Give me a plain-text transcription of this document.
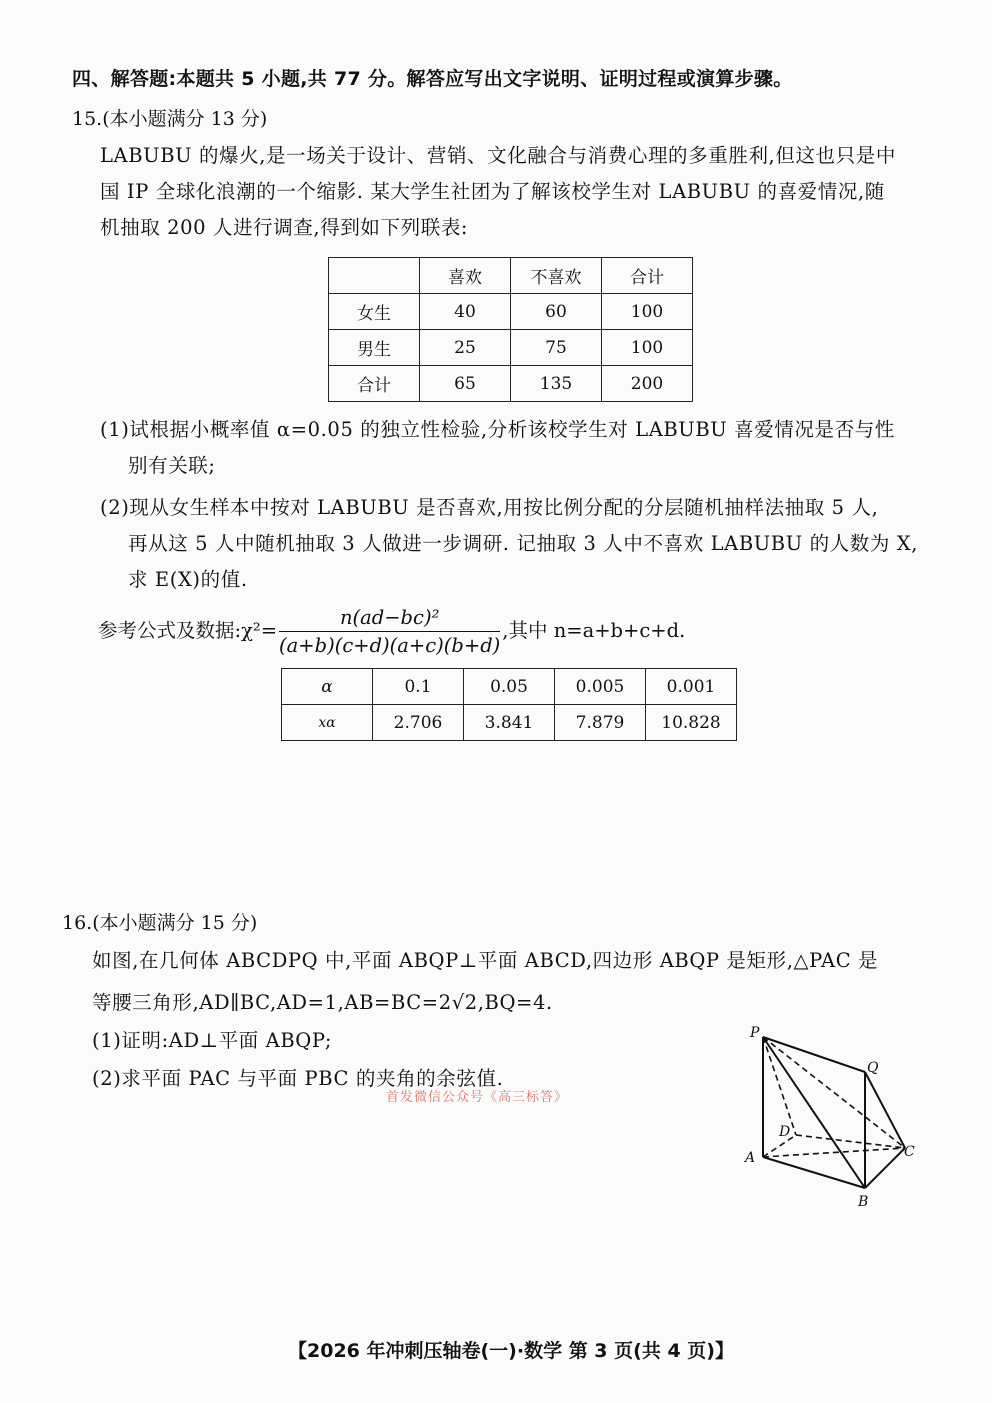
四、解答题:本题共 5 小题,共 77 分。解答应写出文字说明、证明过程或演算步骤。
15.(本小题满分 13 分)
LABUBU 的爆火,是一场关于设计、营销、文化融合与消费心理的多重胜利,但这也只是中
国 IP 全球化浪潮的一个缩影. 某大学生社团为了解该校学生对 LABUBU 的喜爱情况,随
机抽取 200 人进行调查,得到如下列联表:
	喜欢	不喜欢	合计
女生	40	60	100
男生	25	75	100
合计	65	135	200
(1)试根据小概率值 α=0.05 的独立性检验,分析该校学生对 LABUBU 喜爱情况是否与性
别有关联;
(2)现从女生样本中按对 LABUBU 是否喜欢,用按比例分配的分层随机抽样法抽取 5 人,
再从这 5 人中随机抽取 3 人做进一步调研. 记抽取 3 人中不喜欢 LABUBU 的人数为 X,
求 E(X)的值.
参考公式及数据:χ²= $\frac{\text{n(ad−bc)²}}{(a+b)(c+d)(a+c)(b+d)}$ ,其中 n=a+b+c+d.
α	0.1	0.05	0.005	0.001
xα	2.706	3.841	7.879	10.828
16.(本小题满分 15 分)
如图,在几何体 ABCDPQ 中,平面 ABQP⊥平面 ABCD,四边形 ABQP 是矩形,△PAC 是
等腰三角形,AD∥BC,AD=1,AB=BC=2√2,BQ=4.
(1)证明:AD⊥平面 ABQP;
(2)求平面 PAC 与平面 PBC 的夹角的余弦值.
首发微信公众号《高三标答》
P
Q
D
A	C
B
【2026 年冲刺压轴卷(一)·数学 第 3 页(共 4 页)】
